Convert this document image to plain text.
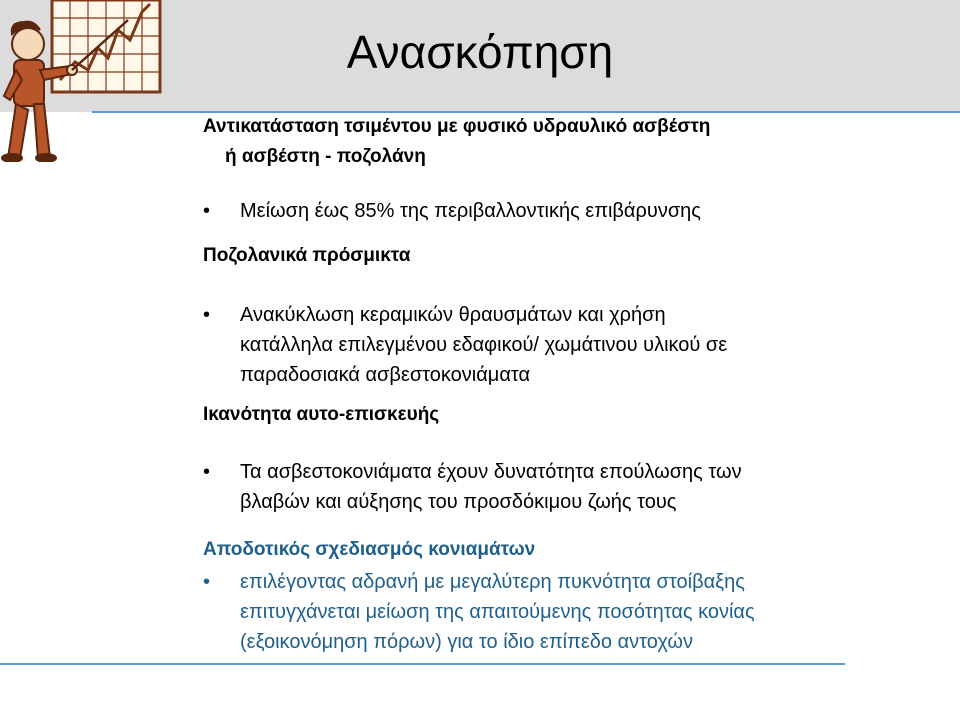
Ανασκόπηση
Αντικατάσταση τσιμέντου με φυσικό υδραυλικό ασβέστη
ή ασβέστη - ποζολάνη
•	Μείωση έως 85% της περιβαλλοντικής επιβάρυνσης
Ποζολανικά πρόσμικτα
•	Ανακύκλωση κεραμικών θραυσμάτων και χρήση
κατάλληλα επιλεγμένου εδαφικού/ χωμάτινου υλικού σε
παραδοσιακά ασβεστοκονιάματα
Ικανότητα αυτο-επισκευής
•	Τα ασβεστοκονιάματα έχουν δυνατότητα επούλωσης των
βλαβών και αύξησης του προσδόκιμου ζωής τους
Αποδοτικός σχεδιασμός κονιαμάτων
•	επιλέγοντας αδρανή με μεγαλύτερη πυκνότητα στοίβαξης
επιτυγχάνεται μείωση της απαιτούμενης ποσότητας κονίας
(εξοικονόμηση πόρων) για το ίδιο επίπεδο αντοχών
